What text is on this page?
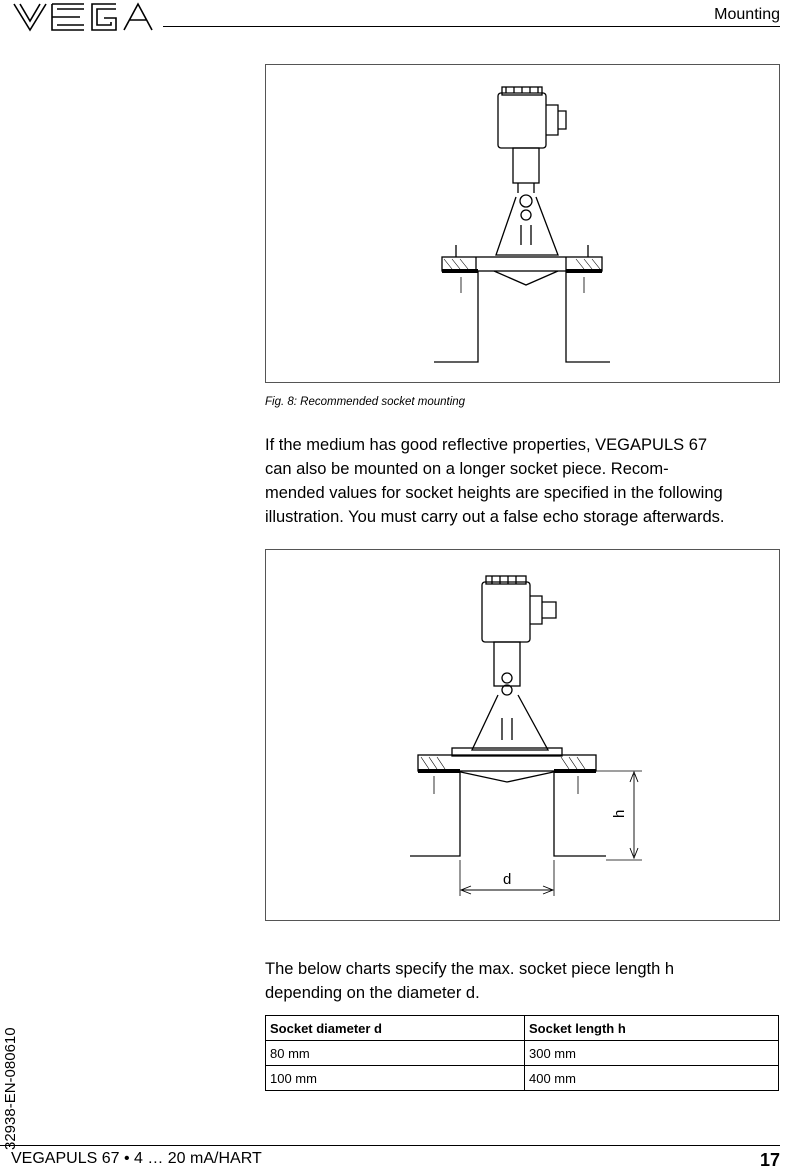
Mounting
Fig. 8: Recommended socket mounting

If the medium has good reflective properties, VEGAPULS 67
can also be mounted on a longer socket piece. Recom-
mended values for socket heights are specified in the following
illustration. You must carry out a false echo storage afterwards.

h
d

The below charts specify the max. socket piece length h
depending on the diameter d.

Socket diameter d	Socket length h
80 mm	300 mm
100 mm	400 mm
32938-EN-080610
VEGAPULS 67 • 4 … 20 mA/HART	17
